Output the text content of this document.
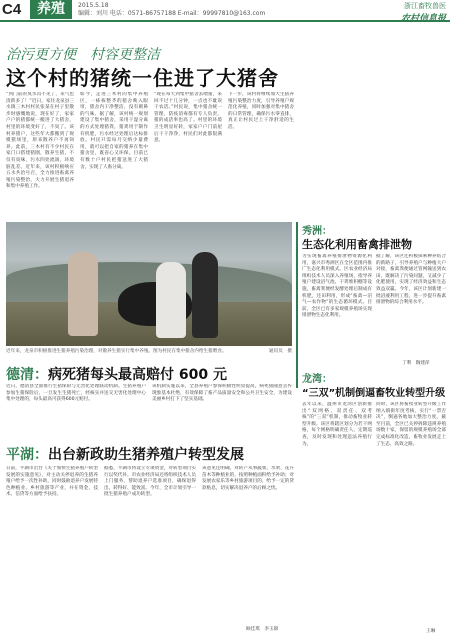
C4	养殖	2015.5.18
编辑：刘川 电话：0571-86757188 E-mail：99997810@163.com
浙江畜牧兽医
农村信息报
治污更方便　村容更整洁
这个村的猪统一住进了大猪舍
“到门前的臭水沟不见了，来气也清新多了！”近日，家住龙泉县三水镇三木村村民张某在村子里散步时感慨地说，现在好了，家家户户的猪都统一搬进了大猪舍，村里的环境变好了，不臭了。该村养猪户，这些年大都搬到了规模猪场里，原来散养户不再饲养。此前，三木村有不少村民在家门口搭建猪圈，散养生猪，不仅有臭味，污水四处流淌，环境脏乱差。近年来，该村积极响应五水共治号召，全力推进畜禽养殖污染整治，大力开展生猪退养和集中养殖工作。
如今，走进三木村的集中养殖区，一栋栋整齐的猪舍映入眼帘，猪舍内干净整洁，没有刺鼻的气味。据了解，该村统一规划建设了集中猪舍，采用干湿分离的方式处理猪粪，猪粪用于制作有机肥，污水经过处理后达标排放。村民只需每月交纳少量费用，就可以把自家的猪养在集中猪舍里，既省心又环保。目前已有数十户村民把猪送进了大猪舍，实现了人畜分离。
“现在每天到集中猪舍去喂猪，来回不过十几分钟，一点也不耽误干农活。”村民说，集中猪舍统一管理，防疫消毒都有专人负责，猪的成活率也高了。村里的环境卫生明显好转，家家户户门前屋后干干净净，村民们对此都很满意。
下一步，该村将继续加大生猪养殖污染整治力度，引导养殖户规范化养殖，同时加强对集中猪舍的日常管理，确保污水零直排，真正让村民过上干净舒适的生活。
近年来，龙泉市积极推进生猪养殖污染治理，对散养生猪实行集中养殖。图为村民在集中猪舍内给生猪喂食。	通讯员　摄
秀洲：
生态化利用畜禽排泄物
为实现畜禽养殖排泄物资源化利用，嘉兴市秀洲区在全区范围内推广生态化利用模式。区农业经济局组织技术人员深入养殖场，指导养殖户建设沼气池、干粪堆积棚等设施，畜禽粪便经发酵处理后制成有机肥，还田利用，形成“畜禽—沼气—农作物”的生态循环模式。目前，全区已有多家规模养殖场实现排泄物生态化利用。
据了解，该区还积极探索种养结合的新路子，引导养殖户与种植大户对接，畜禽粪便通过管网输送到农田，既解决了污染问题，又减少了化肥使用，实现了经济效益和生态效益双赢。今年，该区计划新建一批沼液利用工程，进一步提升畜禽排泄物的综合利用水平。
丁利　陶建萍
龙湾：
“三双”机制倒逼畜牧业转型升级
去年以来，温州市龙湾区创新推出“双网格、双责任、双考核”的“三双”机制，推动畜牧业转型升级。该区将辖区划分为若干网格，每个网格明确责任人，定期巡查，及时发现和处理违法养殖行为。
同时，该区将畜牧业转型升级工作纳入镇街年度考核，实行“一票否决”，倒逼各地加大整治力度。截至目前，全区已关停拆除违规养殖场数十家，保留的规模养殖场全部完成标准化改造，畜牧业发展走上了生态、高效之路。
王琳
德清：病死猪每头最高赔付 600 元
近日，德清县全面推行生猪保险与无害化处理联动机制。生猪养殖户参加生猪保险后，一旦发生生猪死亡，经核实并送交无害化处理中心集中处理的，每头最高可获得600元赔付。
该机制实施以来，全县养殖户参保积极性明显提高，病死猪随意丢弃现象基本杜绝，有效保障了畜产品质量安全和公共卫生安全，为建设美丽乡村打下了坚实基础。
平湖：出台新政助生猪养殖户转型发展
日前，平湖市出台《关于加快生猪养殖户转型发展的实施意见》，对主动关停退养的生猪养殖户给予一次性补助，同时鼓励退养户发展特色种植业、乡村旅游等产业，并在资金、技术、信贷等方面给予扶持。
据悉，平湖市将设立专项资金，对转型项目实行以奖代补。市农业经济局还将组织技术人员上门服务，帮助退养户选准项目，确保退得出、转得好、能致富。今年，全市计划引导一批生猪养殖户成功转型。
该意见还明确，对转产从事蔬菜、水果、花卉苗木等种植业的，按照种植面积给予补助；对发展农家乐等乡村旅游项目的，给予一定的贷款贴息，切实解决退养户的后顾之忧。
顾佳琪　李玉锦
